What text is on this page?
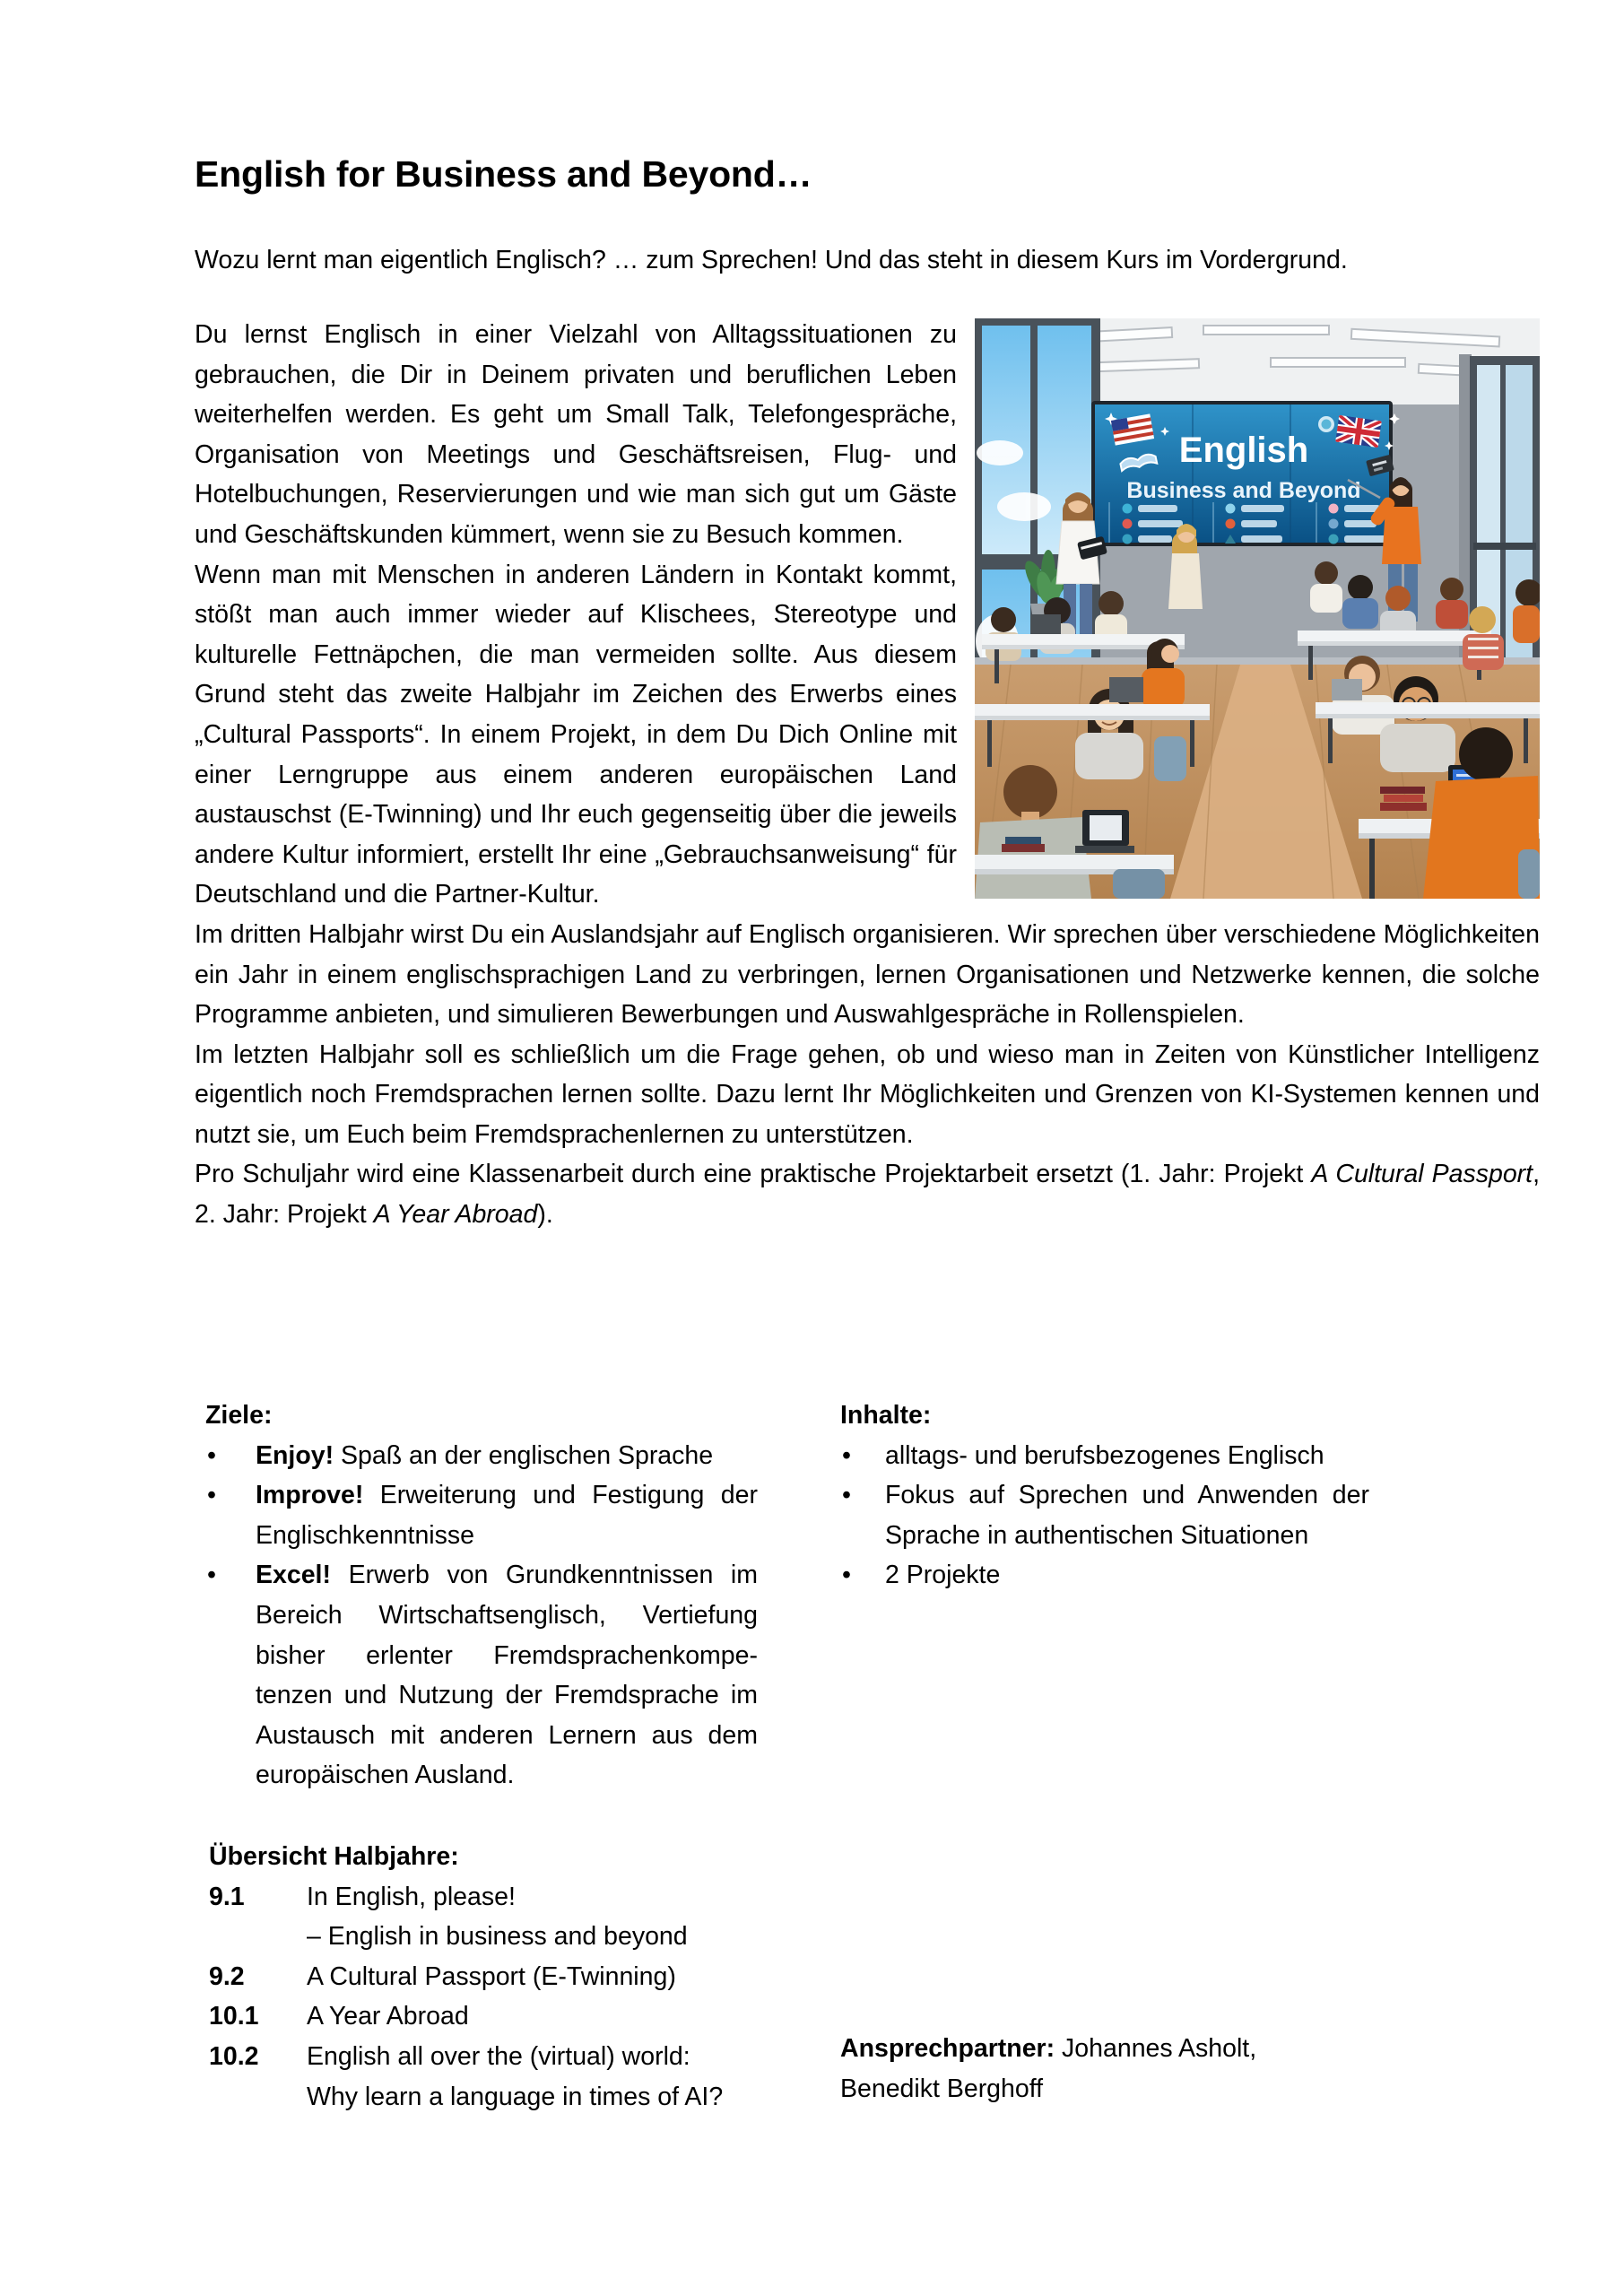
English for Business and Beyond…
Wozu lernt man eigentlich Englisch? … zum Sprechen! Und das steht in diesem Kurs im Vordergrund.
English
Business and Beyond

Du lernst Englisch in einer Vielzahl von Alltagssituationen zu gebrauchen, die Dir in Deinem privaten und beruflichen Leben weiterhelfen werden. Es geht um Small Talk, Telefongespräche, Organisation von Meetings und Geschäftsreisen, Flug- und Hotelbuchungen, Reservierungen und wie man sich gut um Gäste und Geschäftskunden kümmert, wenn sie zu Besuch kommen.

Wenn man mit Menschen in anderen Ländern in Kontakt kommt, stößt man auch immer wieder auf Klischees, Stereotype und kulturelle Fettnäpchen, die man vermeiden sollte. Aus diesem Grund steht das zweite Halbjahr im Zeichen des Erwerbs eines „Cultural Passports“. In einem Projekt, in dem Du Dich Online mit einer Lerngruppe aus einem anderen europäischen Land austauschst (E-Twinning) und Ihr euch gegenseitig über die jeweils andere Kultur informiert, erstellt Ihr eine „Gebrauchsanweisung“ für Deutschland und die Partner-Kultur.

Im dritten Halbjahr wirst Du ein Auslandsjahr auf Englisch organisieren. Wir sprechen über verschiedene Möglichkeiten ein Jahr in einem englischsprachigen Land zu verbringen, lernen Organisationen und Netzwerke kennen, die solche Programme anbieten, und simulieren Bewerbungen und Auswahlgespräche in Rollenspielen.

Im letzten Halbjahr soll es schließlich um die Frage gehen, ob und wieso man in Zeiten von Künstlicher Intelligenz eigentlich noch Fremdsprachen lernen sollte. Dazu lernt Ihr Möglichkeiten und Grenzen von KI-Systemen kennen und nutzt sie, um Euch beim Fremdsprachenlernen zu unterstützen.

Pro Schuljahr wird eine Klassenarbeit durch eine praktische Projektarbeit ersetzt (1. Jahr: Projekt A Cultural Passport, 2. Jahr: Projekt A Year Abroad).

Ziele:
• Enjoy! Spaß an der englischen Sprache
• Improve! Erweiterung und Festigung der Englischkenntnisse
• Excel! Erwerb von Grundkenntnissen im Bereich Wirtschaftsenglisch, Vertiefung bisher erlenter Fremdsprachenkompetenzen und Nutzung der Fremdsprache im Austausch mit anderen Lernern aus dem europäischen Ausland.
Inhalte:
• alltags- und berufsbezogenes Englisch
• Fokus auf Sprechen und Anwenden der Sprache in authentischen Situationen
• 2 Projekte
Übersicht Halbjahre:
9.1	In English, please!
– English in business and beyond
9.2	A Cultural Passport (E-Twinning)
10.1	A Year Abroad
10.2	English all over the (virtual) world:
Why learn a language in times of AI?
Ansprechpartner: Johannes Asholt,
Benedikt Berghoff
